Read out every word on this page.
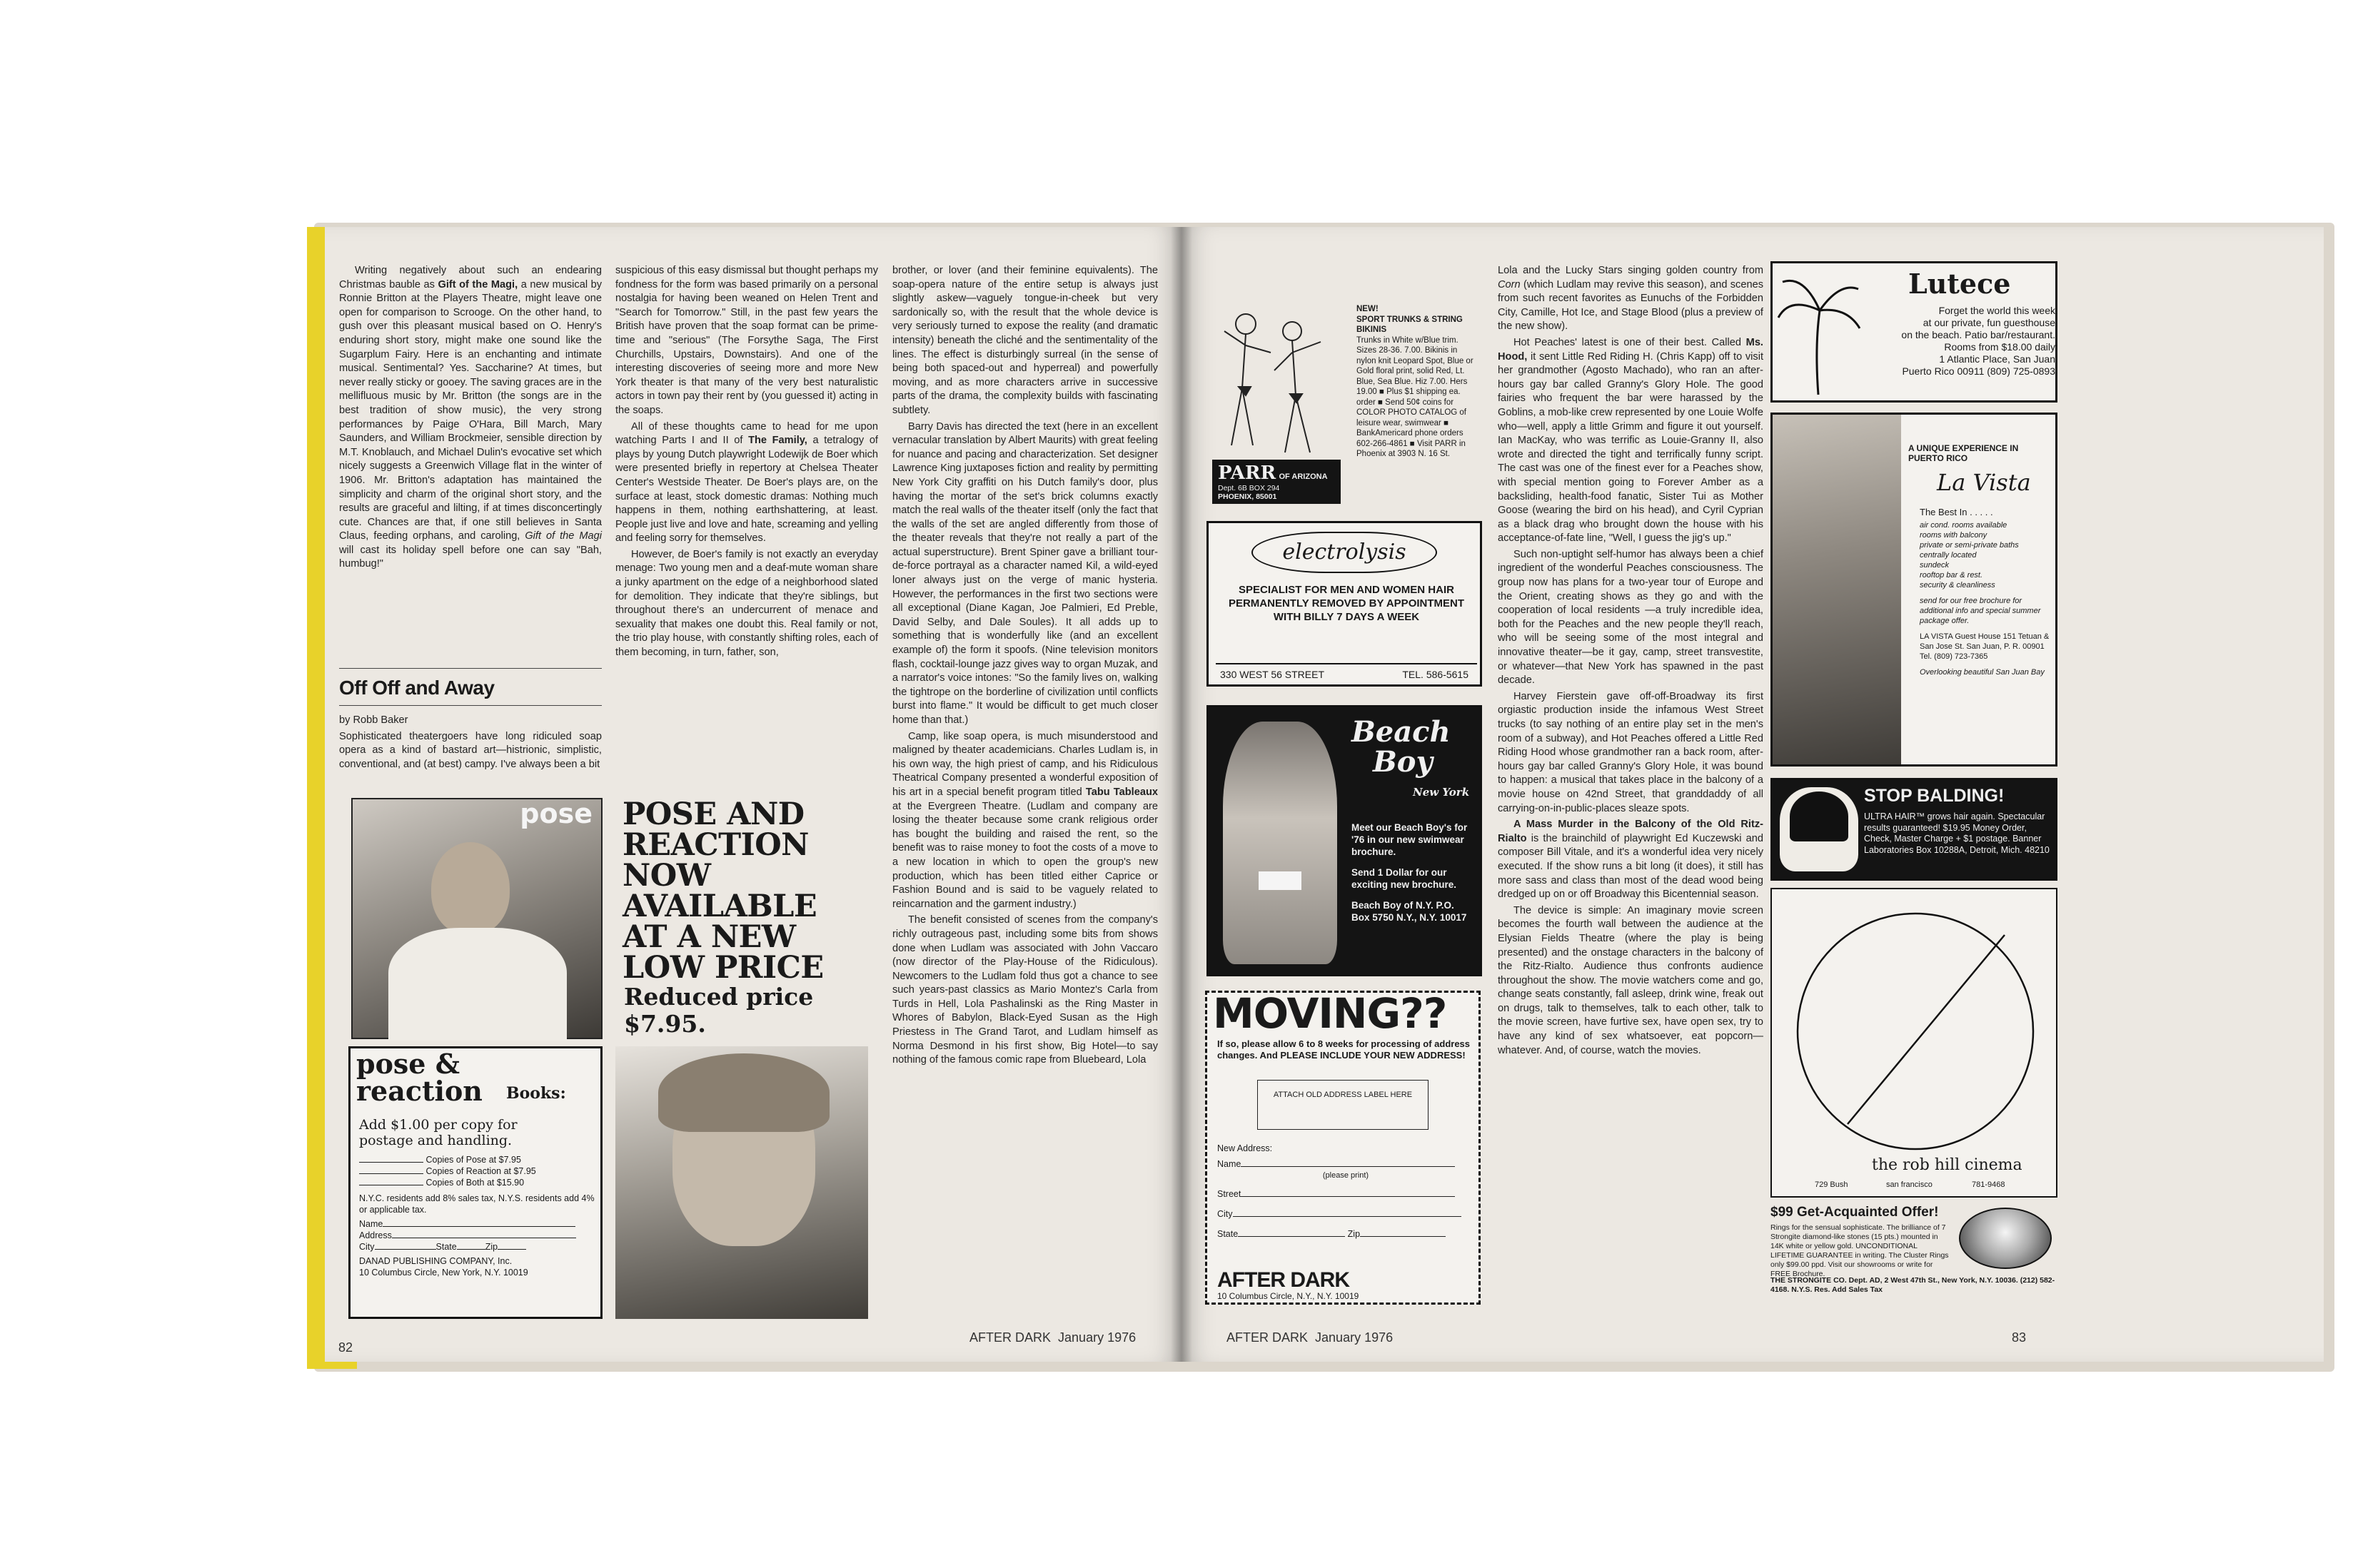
Writing negatively about such an endearing Christmas bauble as Gift of the Magi, a new musical by Ronnie Britton at the Players Theatre, might leave one open for comparison to Scrooge. On the other hand, to gush over this pleasant musical based on O. Henry's enduring short story, might make one sound like the Sugarplum Fairy. Here is an enchanting and intimate musical. Sentimental? Yes. Saccharine? At times, but never really sticky or gooey. The saving graces are in the mellifluous music by Mr. Britton (the songs are in the best tradition of show music), the very strong performances by Paige O'Hara, Bill March, Mary Saunders, and William Brockmeier, sensible direction by M.T. Knoblauch, and Michael Dulin's evocative set which nicely suggests a Greenwich Village flat in the winter of 1906. Mr. Britton's adaptation has maintained the simplicity and charm of the original short story, and the results are graceful and lilting, if at times disconcertingly cute. Chances are that, if one still believes in Santa Claus, feeding orphans, and caroling, Gift of the Magi will cast its holiday spell before one can say "Bah, humbug!"

Off Off and Away

by Robb Baker

Sophisticated theatergoers have long ridiculed soap opera as a kind of bastard art—histrionic, simplistic, conventional, and (at best) campy. I've always been a bit

suspicious of this easy dismissal but thought perhaps my fondness for the form was based primarily on a personal nostalgia for having been weaned on Helen Trent and "Search for Tomorrow." Still, in the past few years the British have proven that the soap format can be prime-time and "serious" (The Forsythe Saga, The First Churchills, Upstairs, Downstairs). And one of the interesting discoveries of seeing more and more New York theater is that many of the very best naturalistic actors in town pay their rent by (you guessed it) acting in the soaps.

All of these thoughts came to head for me upon watching Parts I and II of The Family, a tetralogy of plays by young Dutch playwright Lodewijk de Boer which were presented briefly in repertory at Chelsea Theater Center's Westside Theater. De Boer's plays are, on the surface at least, stock domestic dramas: Nothing much happens in them, nothing earthshattering, at least. People just live and love and hate, screaming and yelling and feeling sorry for themselves.

However, de Boer's family is not exactly an everyday menage: Two young men and a deaf-mute woman share a junky apartment on the edge of a neighborhood slated for demolition. They indicate that they're siblings, but throughout there's an undercurrent of menace and sexuality that makes one doubt this. Real family or not, the trio play house, with constantly shifting roles, each of them becoming, in turn, father, son,

brother, or lover (and their feminine equivalents). The soap-opera nature of the entire setup is always just slightly askew—vaguely tongue-in-cheek but very sardonically so, with the result that the whole device is very seriously turned to expose the reality (and dramatic intensity) beneath the cliché and the sentimentality of the lines. The effect is disturbingly surreal (in the sense of being both spaced-out and hyperreal) and powerfully moving, and as more characters arrive in successive parts of the drama, the complexity builds with fascinating subtlety.

Barry Davis has directed the text (here in an excellent vernacular translation by Albert Maurits) with great feeling for nuance and pacing and characterization. Set designer Lawrence King juxtaposes fiction and reality by permitting New York City graffiti on his Dutch family's door, plus having the mortar of the set's brick columns exactly match the real walls of the theater itself (only the fact that the walls of the set are angled differently from those of the theater reveals that they're not really a part of the actual superstructure). Brent Spiner gave a brilliant tour-de-force portrayal as a character named Kil, a wild-eyed loner always just on the verge of manic hysteria. However, the performances in the first two sections were all exceptional (Diane Kagan, Joe Palmieri, Ed Preble, David Selby, and Dale Soules). It all adds up to something that is wonderfully like (and an excellent example of) the form it spoofs. (Nine television monitors flash, cocktail-lounge jazz gives way to organ Muzak, and a narrator's voice intones: "So the family lives on, walking the tightrope on the borderline of civilization until conflicts burst into flame." It would be difficult to get much closer home than that.)

Camp, like soap opera, is much misunderstood and maligned by theater academicians. Charles Ludlam is, in his own way, the high priest of camp, and his Ridiculous Theatrical Company presented a wonderful exposition of his art in a special benefit program titled Tabu Tableaux at the Evergreen Theatre. (Ludlam and company are losing the theater because some crank religious order has bought the building and raised the rent, so the benefit was to raise money to foot the costs of a move to a new location in which to open the group's new production, which has been titled either Caprice or Fashion Bound and is said to be vaguely related to reincarnation and the garment industry.)

The benefit consisted of scenes from the company's richly outrageous past, including some bits from shows done when Ludlam was associated with John Vaccaro (now director of the Play-House of the Ridiculous). Newcomers to the Ludlam fold thus got a chance to see such years-past classics as Mario Montez's Carla from Turds in Hell, Lola Pashalinski as the Ring Master in Whores of Babylon, Black-Eyed Susan as the High Priestess in The Grand Tarot, and Ludlam himself as Norma Desmond in his first show, Big Hotel—to say nothing of the famous comic rape from Bluebeard, Lola

pose POSE AND REACTION NOW AVAILABLE AT A NEW LOW PRICE
Reduced price
$7.95.
pose &
reaction Books:
Add $1.00 per copy for postage and handling.
Copies of Pose at $7.95
Copies of Reaction at $7.95
Copies of Both at $15.90
N.Y.C. residents add 8% sales tax, N.Y.S. residents add 4% or applicable tax.
Name
Address
City	State	Zip
DANAD PUBLISHING COMPANY, Inc.
10 Columbus Circle, New York, N.Y. 10019
82
AFTER DARK January 1976
NEW!
SPORT TRUNKS & STRING BIKINIS
Trunks in White w/Blue trim. Sizes 28-36. 7.00. Bikinis in nylon knit Leopard Spot, Blue or Gold floral print, solid Red, Lt. Blue, Sea Blue. Hiz 7.00. Hers 19.00 ■ Plus $1 shipping ea. order ■ Send 50¢ coins for COLOR PHOTO CATALOG of leisure wear, swimwear ■ BankAmericard phone orders 602-266-4861 ■ Visit PARR in Phoenix at 3903 N. 16 St.
PARR OF ARIZONA
Dept. 6B BOX 294
PHOENIX, 85001
electrolysis
SPECIALIST FOR MEN AND WOMEN HAIR PERMANENTLY REMOVED BY APPOINTMENT WITH BILLY 7 DAYS A WEEK
330 WEST 56 STREET	TEL. 586-5615
Beach
Boy
New York
Meet our Beach Boy's for '76 in our new swimwear brochure.
Send 1 Dollar for our exciting new brochure.
Beach Boy of N.Y. P.O. Box 5750 N.Y., N.Y. 10017
MOVING??
If so, please allow 6 to 8 weeks for processing of address changes. And PLEASE INCLUDE YOUR NEW ADDRESS!
ATTACH OLD ADDRESS LABEL HERE
New Address:
Name
(please print)
Street
City
State	Zip
AFTER DARK
10 Columbus Circle, N.Y., N.Y. 10019

Lola and the Lucky Stars singing golden country from Corn (which Ludlam may revive this season), and scenes from such recent favorites as Eunuchs of the Forbidden City, Camille, Hot Ice, and Stage Blood (plus a preview of the new show).

Hot Peaches' latest is one of their best. Called Ms. Hood, it sent Little Red Riding H. (Chris Kapp) off to visit her grandmother (Agosto Machado), who ran an after-hours gay bar called Granny's Glory Hole. The good fairies who frequent the bar were harassed by the Goblins, a mob-like crew represented by one Louie Wolfe who—well, apply a little Grimm and figure it out yourself. Ian MacKay, who was terrific as Louie-Granny II, also wrote and directed the tight and terrifically funny script. The cast was one of the finest ever for a Peaches show, with special mention going to Forever Amber as a backsliding, health-food fanatic, Sister Tui as Mother Goose (wearing the bird on his head), and Cyril Cyprian as a black drag who brought down the house with his acceptance-of-fate line, "Well, I guess the jig's up."

Such non-uptight self-humor has always been a chief ingredient of the wonderful Peaches consciousness. The group now has plans for a two-year tour of Europe and the Orient, creating shows as they go and with the cooperation of local residents —a truly incredible idea, both for the Peaches and the new people they'll reach, who will be seeing some of the most integral and innovative theater—be it gay, camp, street transvestite, or whatever—that New York has spawned in the past decade.

Harvey Fierstein gave off-off-Broadway its first orgiastic production inside the infamous West Street trucks (to say nothing of an entire play set in the men's room of a subway), and Hot Peaches offered a Little Red Riding Hood whose grandmother ran a back room, after-hours gay bar called Granny's Glory Hole, it was bound to happen: a musical that takes place in the balcony of a movie house on 42nd Street, that granddaddy of all carrying-on-in-public-places sleaze spots.

A Mass Murder in the Balcony of the Old Ritz-Rialto is the brainchild of playwright Ed Kuczewski and composer Bill Vitale, and it's a wonderful idea very nicely executed. If the show runs a bit long (it does), it still has more sass and class than most of the dead wood being dredged up on or off Broadway this Bicentennial season.

The device is simple: An imaginary movie screen becomes the fourth wall between the audience at the Elysian Fields Theatre (where the play is being presented) and the onstage characters in the balcony of the Ritz-Rialto. Audience thus confronts audience throughout the show. The movie watchers come and go, change seats constantly, fall asleep, drink wine, freak out on drugs, talk to themselves, talk to each other, talk to the movie screen, have furtive sex, have open sex, try to have any kind of sex whatsoever, eat popcorn—whatever. And, of course, watch the movies.

Lutece
Forget the world this week
at our private, fun guesthouse
on the beach. Patio bar/restaurant.
Rooms from $18.00 daily
1 Atlantic Place, San Juan
Puerto Rico 00911 (809) 725-0893
A UNIQUE EXPERIENCE IN PUERTO RICO
La Vista
The Best In . . . . .
air cond. rooms available
rooms with balcony
private or semi-private baths
centrally located
sundeck
rooftop bar & rest.
security & cleanliness
send for our free brochure for additional info and special summer package offer.
LA VISTA Guest House 151 Tetuan & San Jose St. San Juan, P. R. 00901 Tel. (809) 723-7365
Overlooking beautiful San Juan Bay
STOP BALDING!
ULTRA HAIR™ grows hair again. Spectacular results guaranteed! $19.95 Money Order, Check, Master Charge + $1 postage. Banner Laboratories Box 10288A, Detroit, Mich. 48210
the rob hill cinema
729 Bush	san francisco	781-9468
$99 Get-Acquainted Offer!
Rings for the sensual sophisticate. The brilliance of 7 Strongite diamond-like stones (15 pts.) mounted in 14K white or yellow gold. UNCONDITIONAL LIFETIME GUARANTEE in writing. The Cluster Rings only $99.00 ppd. Visit our showrooms or write for FREE Brochure.
THE STRONGITE CO. Dept. AD, 2 West 47th St., New York, N.Y. 10036. (212) 582-4168. N.Y.S. Res. Add Sales Tax
AFTER DARK January 1976	83
